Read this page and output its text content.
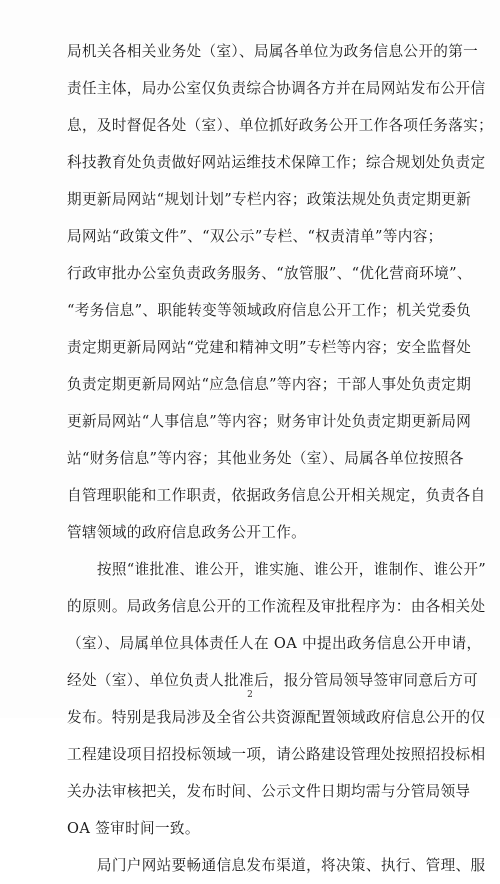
局机关各相关业务处（室）、局属各单位为政务信息公开的第一
责任主体，局办公室仅负责综合协调各方并在局网站发布公开信
息，及时督促各处（室）、单位抓好政务公开工作各项任务落实；
科技教育处负责做好网站运维技术保障工作；综合规划处负责定
期更新局网站“规划计划”专栏内容；政策法规处负责定期更新
局网站“政策文件”、“双公示”专栏、“权责清单”等内容；
行政审批办公室负责政务服务、“放管服”、“优化营商环境”、
“考务信息”、职能转变等领域政府信息公开工作；机关党委负
责定期更新局网站“党建和精神文明”专栏等内容；安全监督处
负责定期更新局网站“应急信息”等内容；干部人事处负责定期
更新局网站“人事信息”等内容；财务审计处负责定期更新局网
站“财务信息”等内容；其他业务处（室）、局属各单位按照各
自管理职能和工作职责，依据政务信息公开相关规定，负责各自
管辖领域的政府信息政务公开工作。
　　按照“谁批准、谁公开，谁实施、谁公开，谁制作、谁公开”
的原则。局政务信息公开的工作流程及审批程序为：由各相关处
（室）、局属单位具体责任人在 OA 中提出政务信息公开申请，
经处（室）、单位负责人批准后，报分管局领导签审同意后方可
发布。特别是我局涉及全省公共资源配置领域政府信息公开的仅
工程建设项目招投标领域一项，请公路建设管理处按照招投标相
关办法审核把关，发布时间、公示文件日期均需与分管局领导
OA 签审时间一致。
　　局门户网站要畅通信息发布渠道，将决策、执行、管理、服
2
